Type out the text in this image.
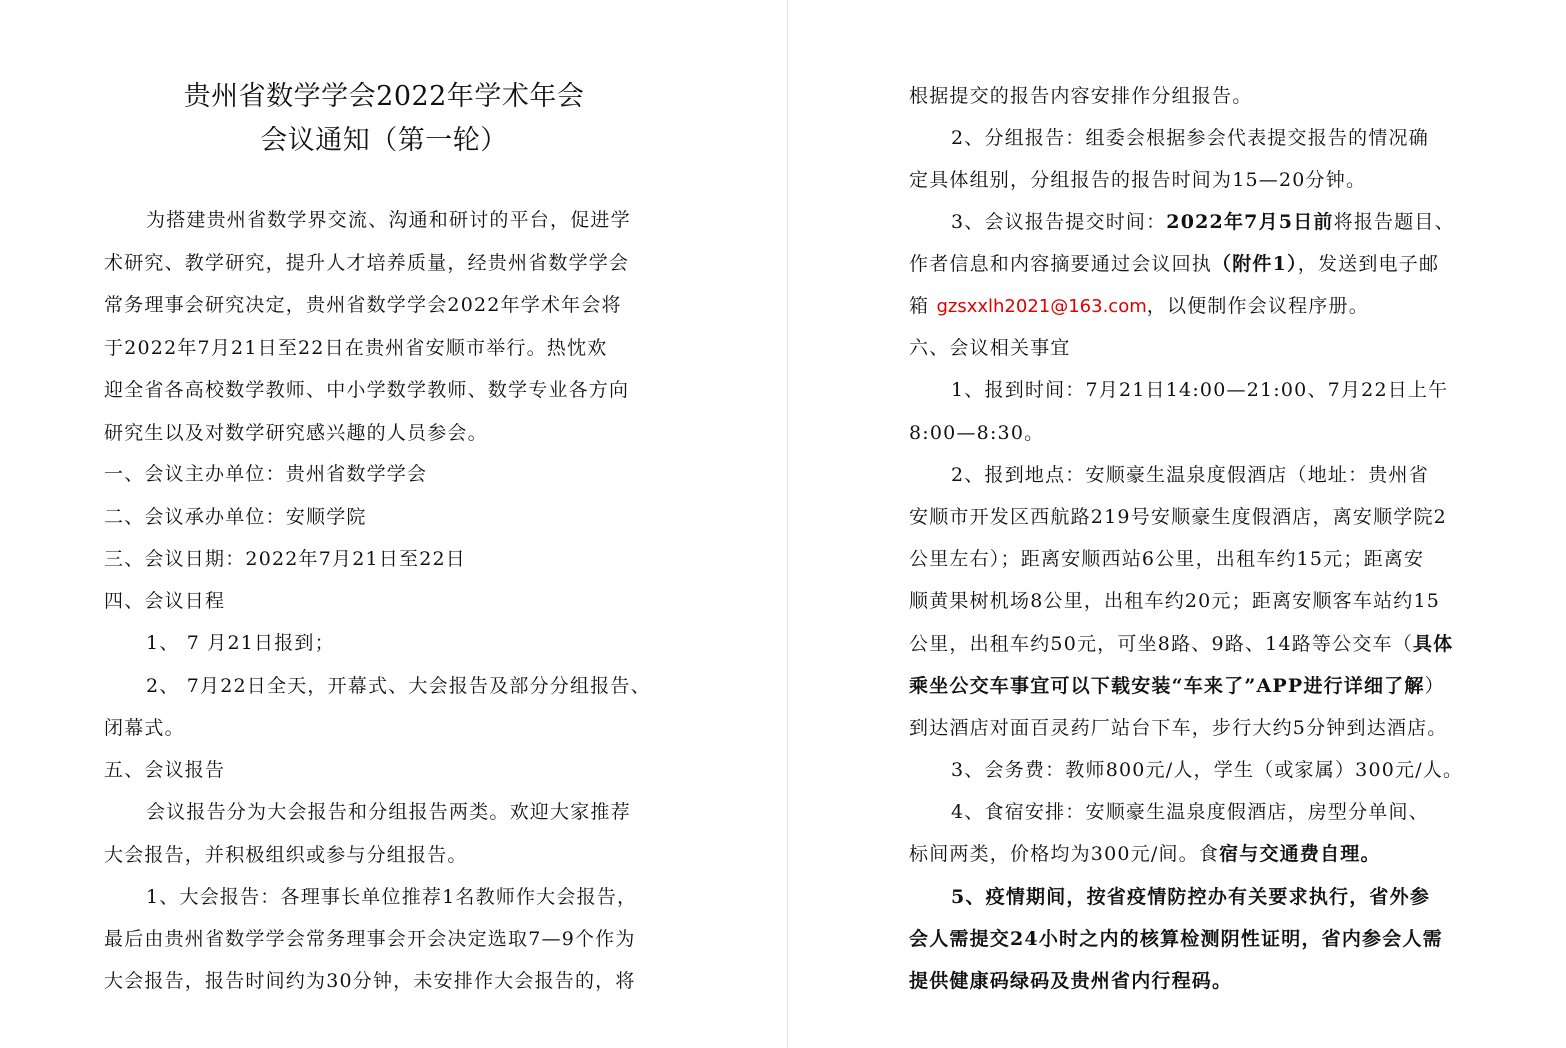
贵州省数学学会2022年学术年会
会议通知（第一轮）
为搭建贵州省数学界交流、沟通和研讨的平台，促进学
术研究、教学研究，提升人才培养质量，经贵州省数学学会
常务理事会研究决定，贵州省数学学会2022年学术年会将
于2022年7月21日至22日在贵州省安顺市举行。热忱欢
迎全省各高校数学教师、中小学数学教师、数学专业各方向
研究生以及对数学研究感兴趣的人员参会。
一、会议主办单位：贵州省数学学会
二、会议承办单位：安顺学院
三、会议日期：2022年7月21日至22日
四、会议日程
1、 7 月21日报到；
2、 7月22日全天，开幕式、大会报告及部分分组报告、
闭幕式。
五、会议报告
会议报告分为大会报告和分组报告两类。欢迎大家推荐
大会报告，并积极组织或参与分组报告。
1、大会报告：各理事长单位推荐1名教师作大会报告，
最后由贵州省数学学会常务理事会开会决定选取7—9个作为
大会报告，报告时间约为30分钟，未安排作大会报告的，将
根据提交的报告内容安排作分组报告。
2、分组报告：组委会根据参会代表提交报告的情况确
定具体组别，分组报告的报告时间为15—20分钟。
3、会议报告提交时间：2022年7月5日前将报告题目、
作者信息和内容摘要通过会议回执（附件1），发送到电子邮
箱 gzsxxlh2021@163.com，以便制作会议程序册。
六、会议相关事宜
1、报到时间：7月21日14:00—21:00、7月22日上午
8:00—8:30。
2、报到地点：安顺豪生温泉度假酒店（地址：贵州省
安顺市开发区西航路219号安顺豪生度假酒店，离安顺学院2
公里左右）；距离安顺西站6公里，出租车约15元；距离安
顺黄果树机场8公里，出租车约20元；距离安顺客车站约15
公里，出租车约50元，可坐8路、9路、14路等公交车（具体
乘坐公交车事宜可以下载安装“车来了”APP进行详细了解）
到达酒店对面百灵药厂站台下车，步行大约5分钟到达酒店。
3、会务费：教师800元/人，学生（或家属）300元/人。
4、食宿安排：安顺豪生温泉度假酒店，房型分单间、
标间两类，价格均为300元/间。食宿与交通费自理。
5、疫情期间，按省疫情防控办有关要求执行，省外参
会人需提交24小时之内的核算检测阴性证明，省内参会人需
提供健康码绿码及贵州省内行程码。
